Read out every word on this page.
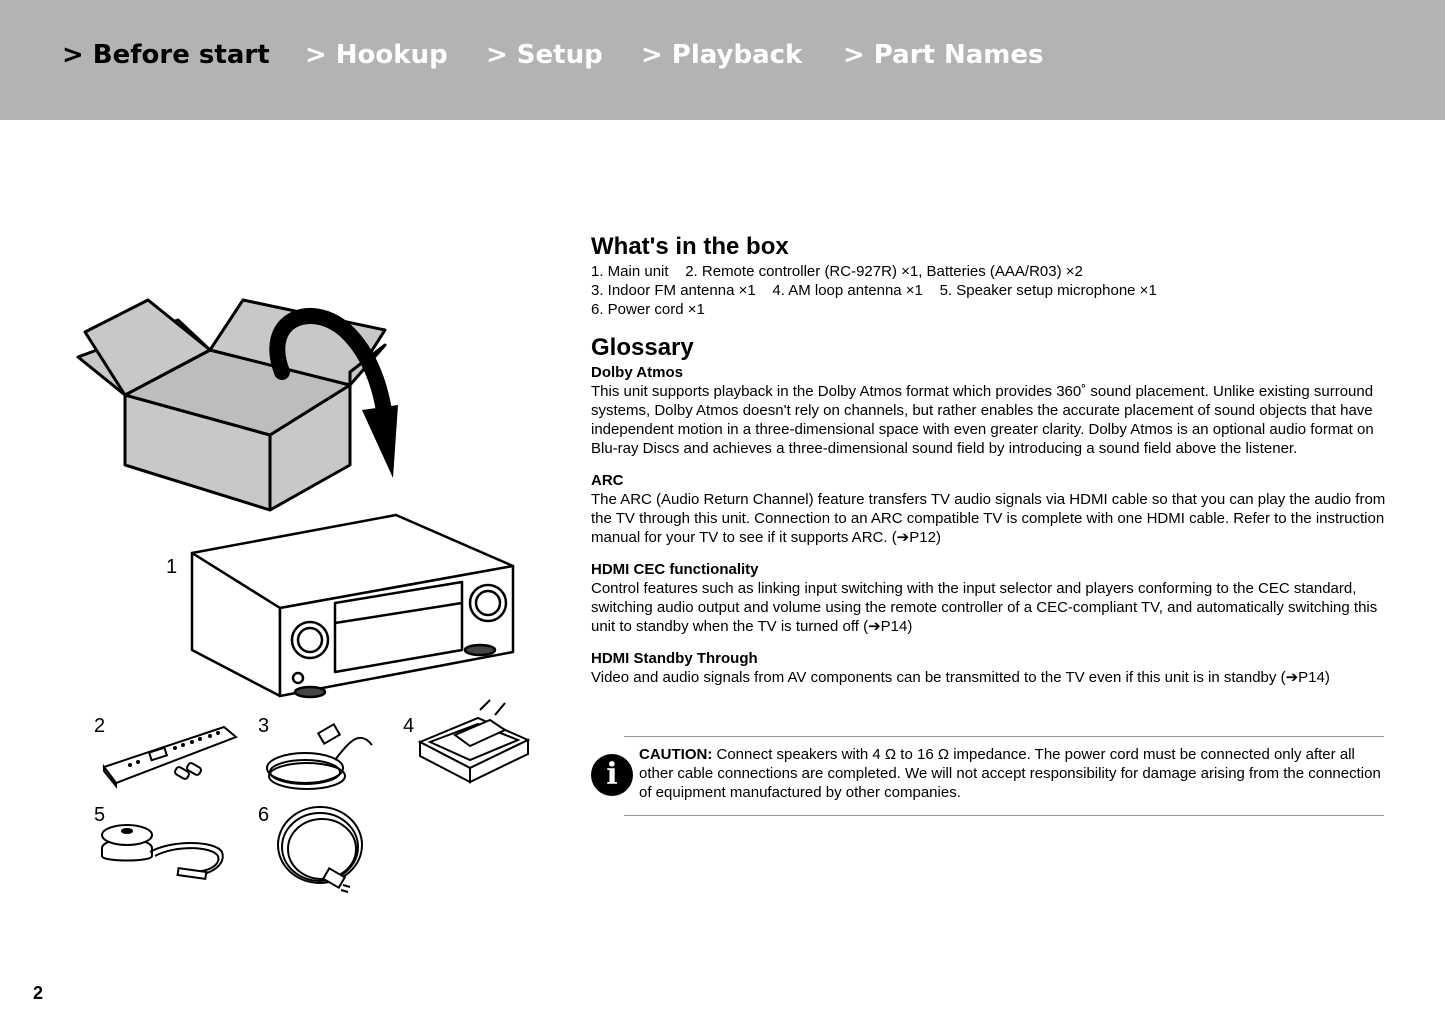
> Before start > Hookup > Setup > Playback > Part Names
1
2	3	4
5	6
What's in the box
1. Main unit    2. Remote controller (RC-927R) ×1, Batteries (AAA/R03) ×2
3. Indoor FM antenna ×1    4. AM loop antenna ×1    5. Speaker setup microphone ×1
6. Power cord ×1
Glossary
Dolby Atmos

This unit supports playback in the Dolby Atmos format which provides 360˚ sound placement. Unlike existing surround systems, Dolby Atmos doesn't rely on channels, but rather enables the accurate placement of sound objects that have independent motion in a three-dimensional space with even greater clarity. Dolby Atmos is an optional audio format on Blu-ray Discs and achieves a three-dimensional sound field by introducing a sound field above the listener.

ARC

The ARC (Audio Return Channel) feature transfers TV audio signals via HDMI cable so that you can play the audio from the TV through this unit. Connection to an ARC compatible TV is complete with one HDMI cable. Refer to the instruction manual for your TV to see if it supports ARC. (➔P12)

HDMI CEC functionality

Control features such as linking input switching with the input selector and players conforming to the CEC standard, switching audio output and volume using the remote controller of a CEC-compliant TV, and automatically switching this unit to standby when the TV is turned off (➔P14)

HDMI Standby Through

Video and audio signals from AV components can be transmitted to the TV even if this unit is in standby (➔P14)

i
CAUTION: Connect speakers with 4 Ω to 16 Ω impedance. The power cord must be connected only after all other cable connections are completed. We will not accept responsibility for damage arising from the connection of equipment manufactured by other companies.
2
